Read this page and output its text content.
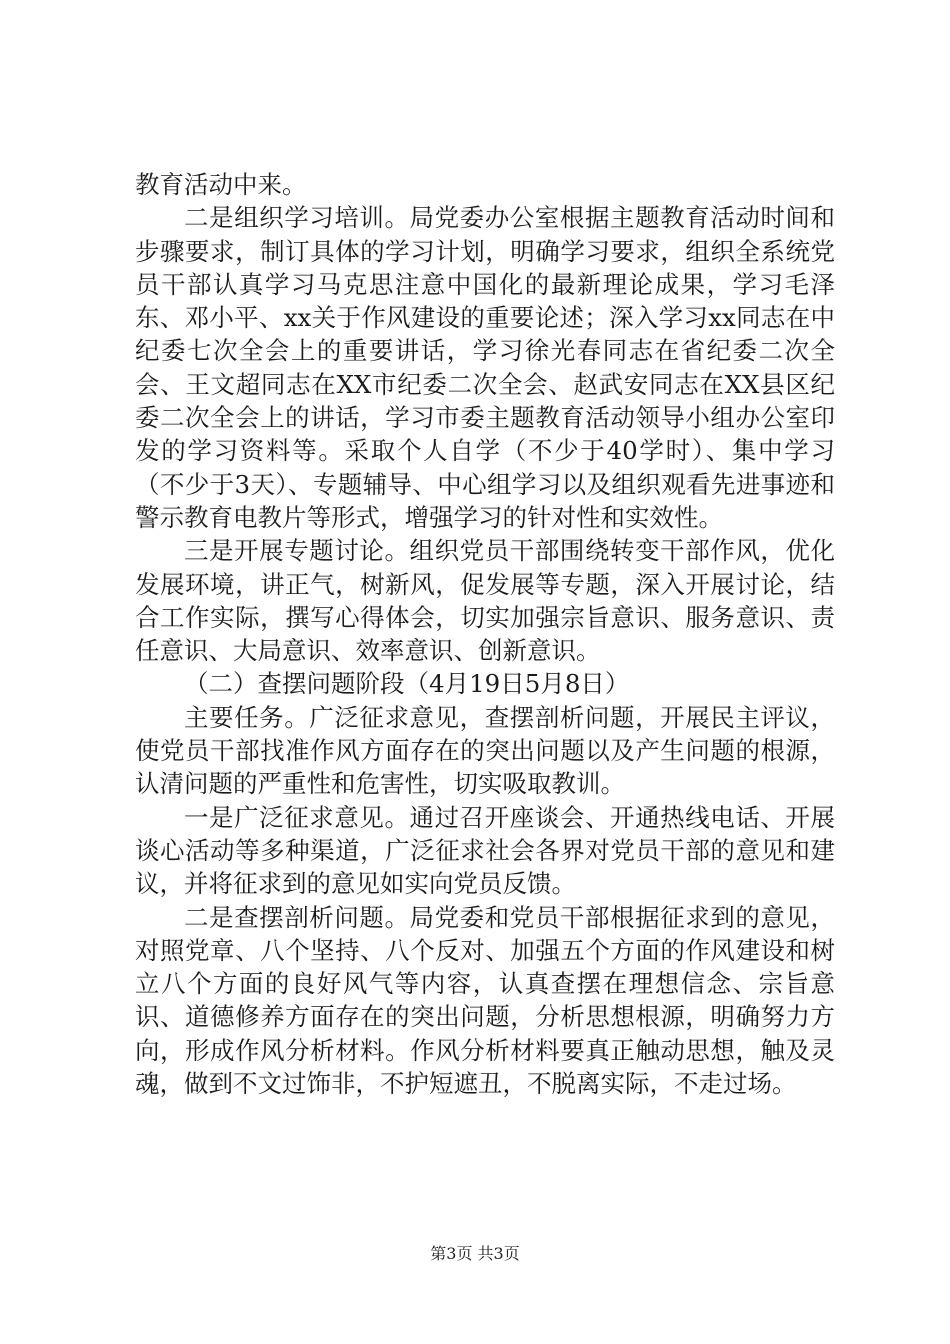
教育活动中来。

二是组织学习培训。局党委办公室根据主题教育活动时间和步骤要求，制订具体的学习计划，明确学习要求，组织全系统党员干部认真学习马克思注意中国化的最新理论成果，学习毛泽东、邓小平、xx关于作风建设的重要论述；深入学习xx同志在中纪委七次全会上的重要讲话，学习徐光春同志在省纪委二次全会、王文超同志在XX市纪委二次全会、赵武安同志在XX县区纪委二次全会上的讲话，学习市委主题教育活动领导小组办公室印发的学习资料等。采取个人自学（不少于40学时）、集中学习（不少于3天）、专题辅导、中心组学习以及组织观看先进事迹和警示教育电教片等形式，增强学习的针对性和实效性。

三是开展专题讨论。组织党员干部围绕转变干部作风，优化发展环境，讲正气，树新风，促发展等专题，深入开展讨论，结合工作实际，撰写心得体会，切实加强宗旨意识、服务意识、责任意识、大局意识、效率意识、创新意识。

（二）查摆问题阶段（4月19日5月8日）

主要任务。广泛征求意见，查摆剖析问题，开展民主评议，使党员干部找准作风方面存在的突出问题以及产生问题的根源，认清问题的严重性和危害性，切实吸取教训。

一是广泛征求意见。通过召开座谈会、开通热线电话、开展谈心活动等多种渠道，广泛征求社会各界对党员干部的意见和建议，并将征求到的意见如实向党员反馈。

二是查摆剖析问题。局党委和党员干部根据征求到的意见，对照党章、八个坚持、八个反对、加强五个方面的作风建设和树立八个方面的良好风气等内容，认真查摆在理想信念、宗旨意识、道德修养方面存在的突出问题，分析思想根源，明确努力方向，形成作风分析材料。作风分析材料要真正触动思想，触及灵魂，做到不文过饰非，不护短遮丑，不脱离实际，不走过场。

第3页 共3页
